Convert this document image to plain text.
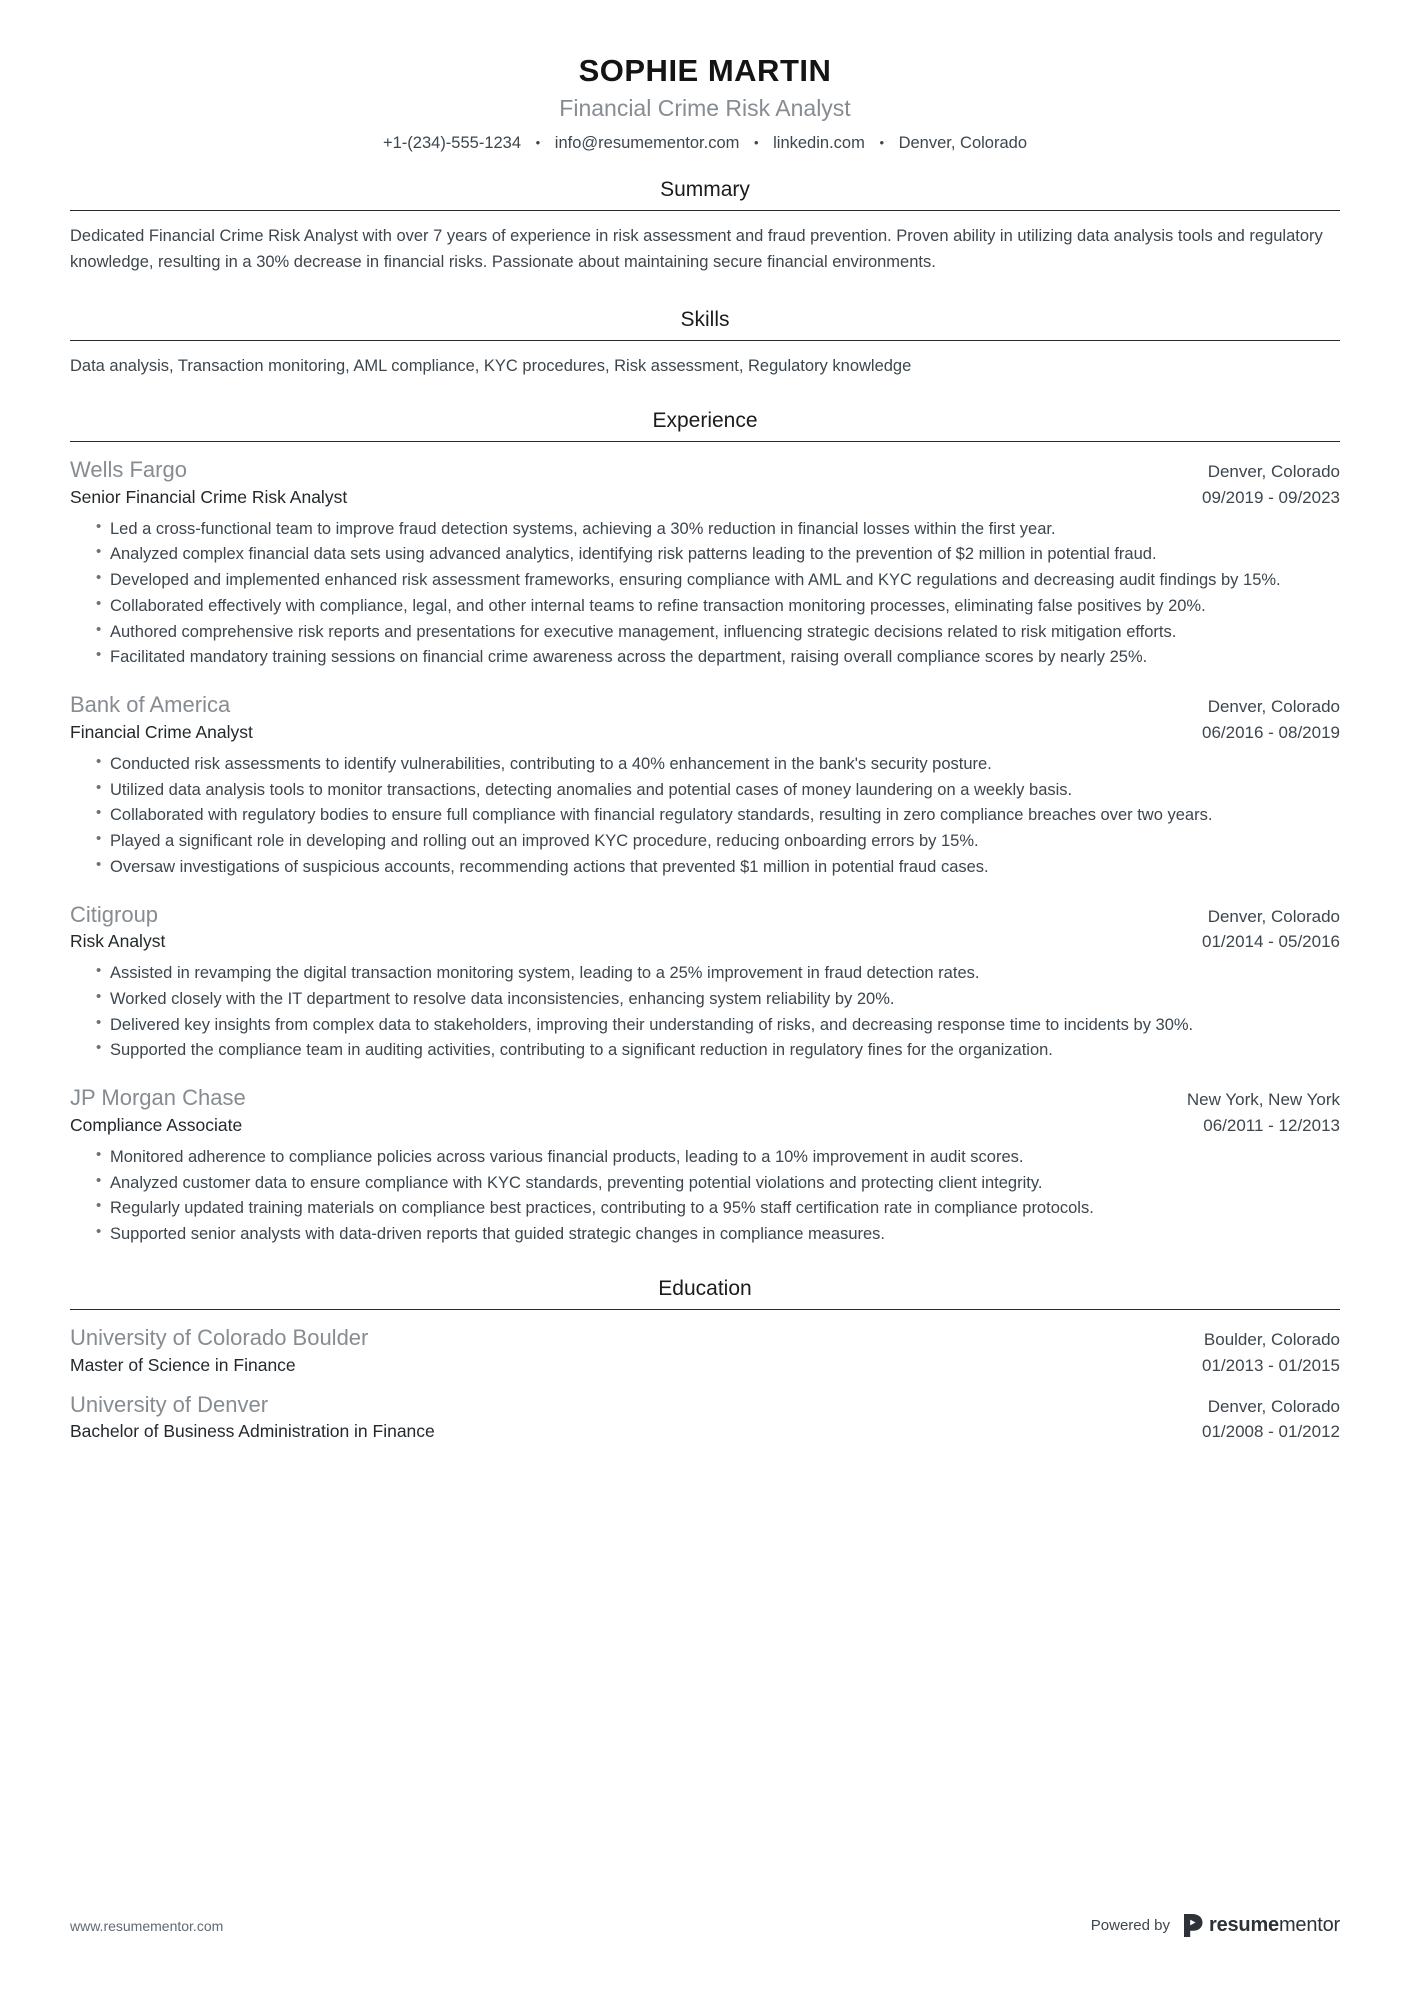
SOPHIE MARTIN
Financial Crime Risk Analyst
+1-(234)-555-1234 • info@resumementor.com • linkedin.com • Denver, Colorado
Summary

Dedicated Financial Crime Risk Analyst with over 7 years of experience in risk assessment and fraud prevention. Proven ability in utilizing data analysis tools and regulatory knowledge, resulting in a 30% decrease in financial risks. Passionate about maintaining secure financial environments.

Skills

Data analysis, Transaction monitoring, AML compliance, KYC procedures, Risk assessment, Regulatory knowledge

Experience
Wells Fargo	Denver, Colorado
Senior Financial Crime Risk Analyst	09/2019 - 09/2023
• Led a cross-functional team to improve fraud detection systems, achieving a 30% reduction in financial losses within the first year.
• Analyzed complex financial data sets using advanced analytics, identifying risk patterns leading to the prevention of $2 million in potential fraud.
• Developed and implemented enhanced risk assessment frameworks, ensuring compliance with AML and KYC regulations and decreasing audit findings by 15%.
• Collaborated effectively with compliance, legal, and other internal teams to refine transaction monitoring processes, eliminating false positives by 20%.
• Authored comprehensive risk reports and presentations for executive management, influencing strategic decisions related to risk mitigation efforts.
• Facilitated mandatory training sessions on financial crime awareness across the department, raising overall compliance scores by nearly 25%.
Bank of America	Denver, Colorado
Financial Crime Analyst	06/2016 - 08/2019
• Conducted risk assessments to identify vulnerabilities, contributing to a 40% enhancement in the bank's security posture.
• Utilized data analysis tools to monitor transactions, detecting anomalies and potential cases of money laundering on a weekly basis.
• Collaborated with regulatory bodies to ensure full compliance with financial regulatory standards, resulting in zero compliance breaches over two years.
• Played a significant role in developing and rolling out an improved KYC procedure, reducing onboarding errors by 15%.
• Oversaw investigations of suspicious accounts, recommending actions that prevented $1 million in potential fraud cases.
Citigroup	Denver, Colorado
Risk Analyst	01/2014 - 05/2016
• Assisted in revamping the digital transaction monitoring system, leading to a 25% improvement in fraud detection rates.
• Worked closely with the IT department to resolve data inconsistencies, enhancing system reliability by 20%.
• Delivered key insights from complex data to stakeholders, improving their understanding of risks, and decreasing response time to incidents by 30%.
• Supported the compliance team in auditing activities, contributing to a significant reduction in regulatory fines for the organization.
JP Morgan Chase	New York, New York
Compliance Associate	06/2011 - 12/2013
• Monitored adherence to compliance policies across various financial products, leading to a 10% improvement in audit scores.
• Analyzed customer data to ensure compliance with KYC standards, preventing potential violations and protecting client integrity.
• Regularly updated training materials on compliance best practices, contributing to a 95% staff certification rate in compliance protocols.
• Supported senior analysts with data-driven reports that guided strategic changes in compliance measures.
Education
University of Colorado Boulder	Boulder, Colorado
Master of Science in Finance	01/2013 - 01/2015
University of Denver	Denver, Colorado
Bachelor of Business Administration in Finance	01/2008 - 01/2012
www.resumementor.com	Powered by resumementor
